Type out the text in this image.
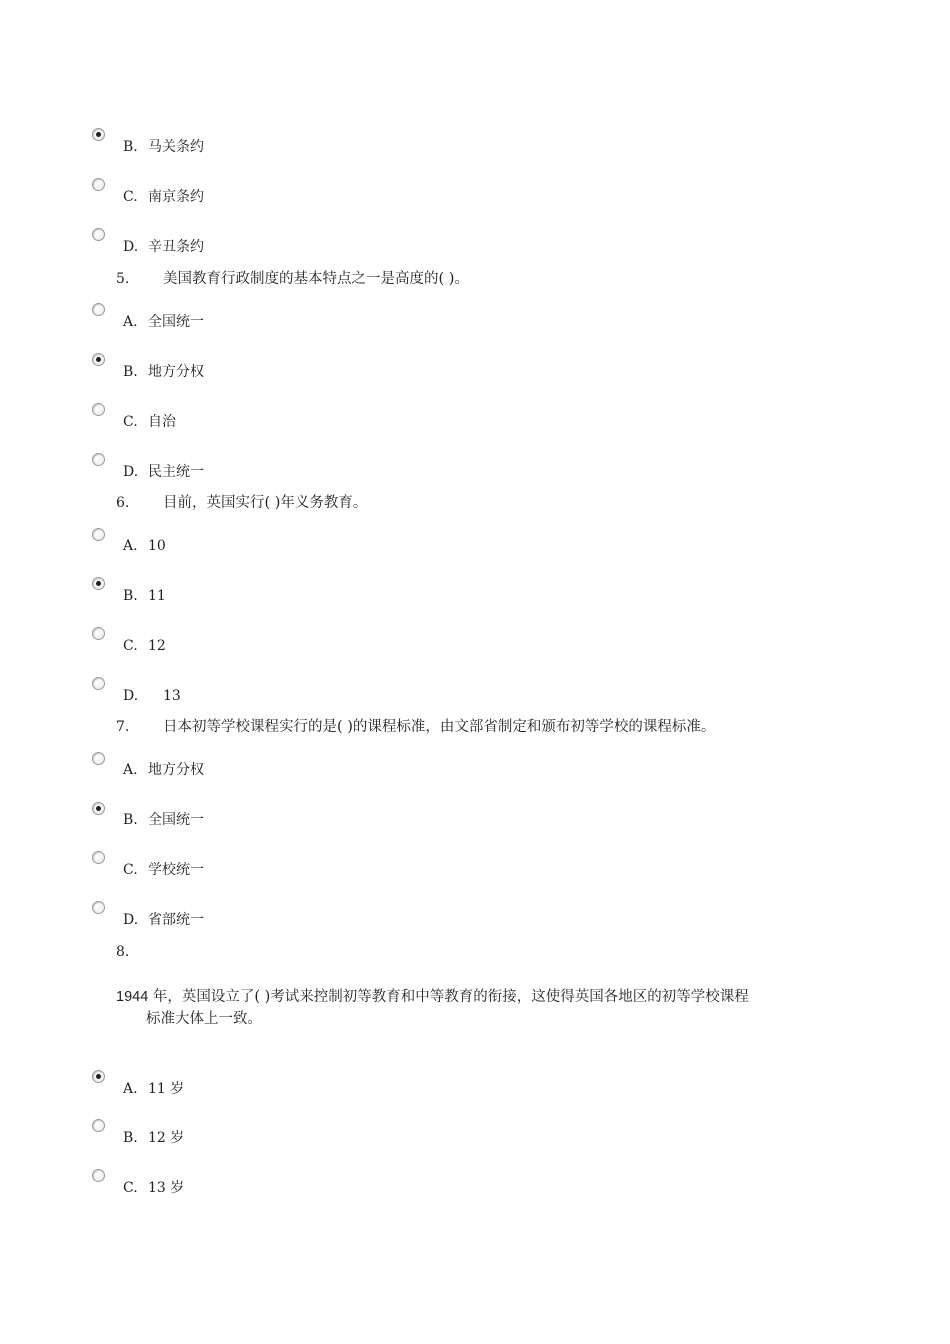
B. 马关条约
C. 南京条约
D. 辛丑条约
5. 美国教育行政制度的基本特点之一是高度的( )。
A. 全国统一
B. 地方分权
C. 自治
D. 民主统一
6. 目前，英国实行( )年义务教育。
A. 10
B. 11
C. 12
D. 13
7. 日本初等学校课程实行的是( )的课程标准，由文部省制定和颁布初等学校的课程标准。
A. 地方分权
B. 全国统一
C. 学校统一
D. 省部统一
8.
1944 年，英国设立了( )考试来控制初等教育和中等教育的衔接，这使得英国各地区的初等学校课程
标准大体上一致。
A. 11 岁
B. 12 岁
C. 13 岁
